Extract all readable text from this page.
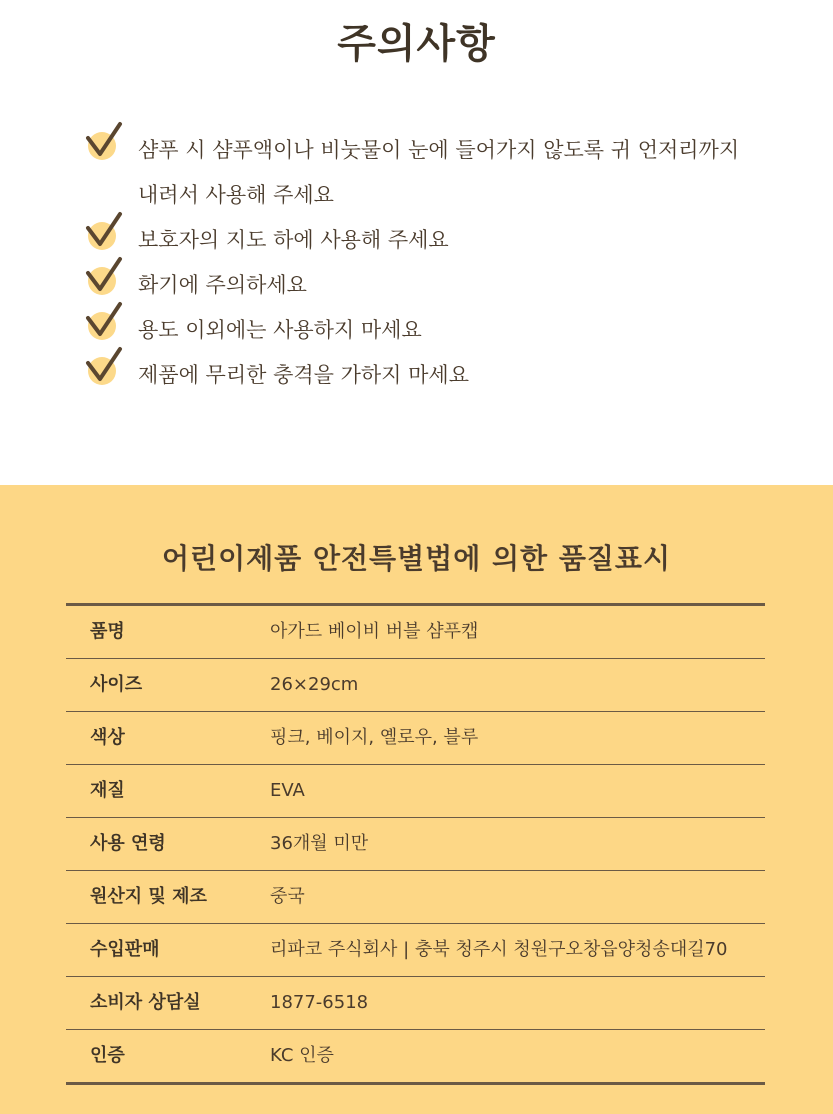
주의사항
샴푸 시 샴푸액이나 비눗물이 눈에 들어가지 않도록 귀 언저리까지
내려서 사용해 주세요
보호자의 지도 하에 사용해 주세요
화기에 주의하세요
용도 이외에는 사용하지 마세요
제품에 무리한 충격을 가하지 마세요
어린이제품 안전특별법에 의한 품질표시
품명	아가드 베이비 버블 샴푸캡
사이즈	26×29cm
색상	핑크, 베이지, 옐로우, 블루
재질	EVA
사용 연령	36개월 미만
원산지 및 제조	중국
수입판매	리파코 주식회사 | 충북 청주시 청원구오창읍양청송대길70
소비자 상담실	1877-6518
인증	KC 인증
